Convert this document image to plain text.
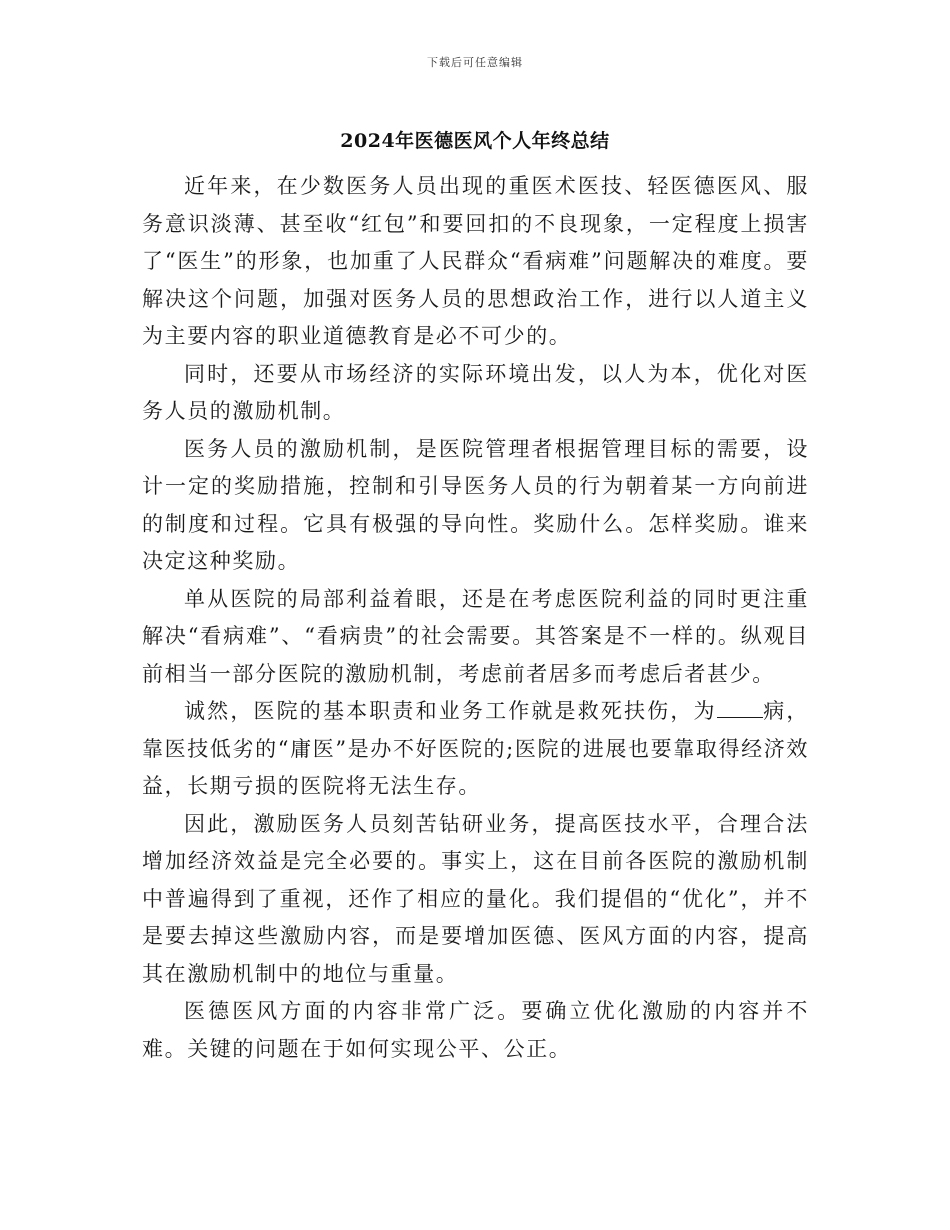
下载后可任意编辑
2024年医德医风个人年终总结

近年来，在少数医务人员出现的重医术医技、轻医德医风、服务意识淡薄、甚至收“红包”和要回扣的不良现象，一定程度上损害了“医生”的形象，也加重了人民群众“看病难”问题解决的难度。要解决这个问题，加强对医务人员的思想政治工作，进行以人道主义为主要内容的职业道德教育是必不可少的。

同时，还要从市场经济的实际环境出发，以人为本，优化对医务人员的激励机制。

医务人员的激励机制，是医院管理者根据管理目标的需要，设计一定的奖励措施，控制和引导医务人员的行为朝着某一方向前进的制度和过程。它具有极强的导向性。奖励什么。怎样奖励。谁来决定这种奖励。

单从医院的局部利益着眼，还是在考虑医院利益的同时更注重解决“看病难”、“看病贵”的社会需要。其答案是不一样的。纵观目前相当一部分医院的激励机制，考虑前者居多而考虑后者甚少。

诚然，医院的基本职责和业务工作就是救死扶伤，为 病，靠医技低劣的“庸医”是办不好医院的;医院的进展也要靠取得经济效益，长期亏损的医院将无法生存。

因此，激励医务人员刻苦钻研业务，提高医技水平，合理合法增加经济效益是完全必要的。事实上，这在目前各医院的激励机制中普遍得到了重视，还作了相应的量化。我们提倡的“优化”，并不是要去掉这些激励内容，而是要增加医德、医风方面的内容，提高其在激励机制中的地位与重量。

医德医风方面的内容非常广泛。要确立优化激励的内容并不难。关键的问题在于如何实现公平、公正。
